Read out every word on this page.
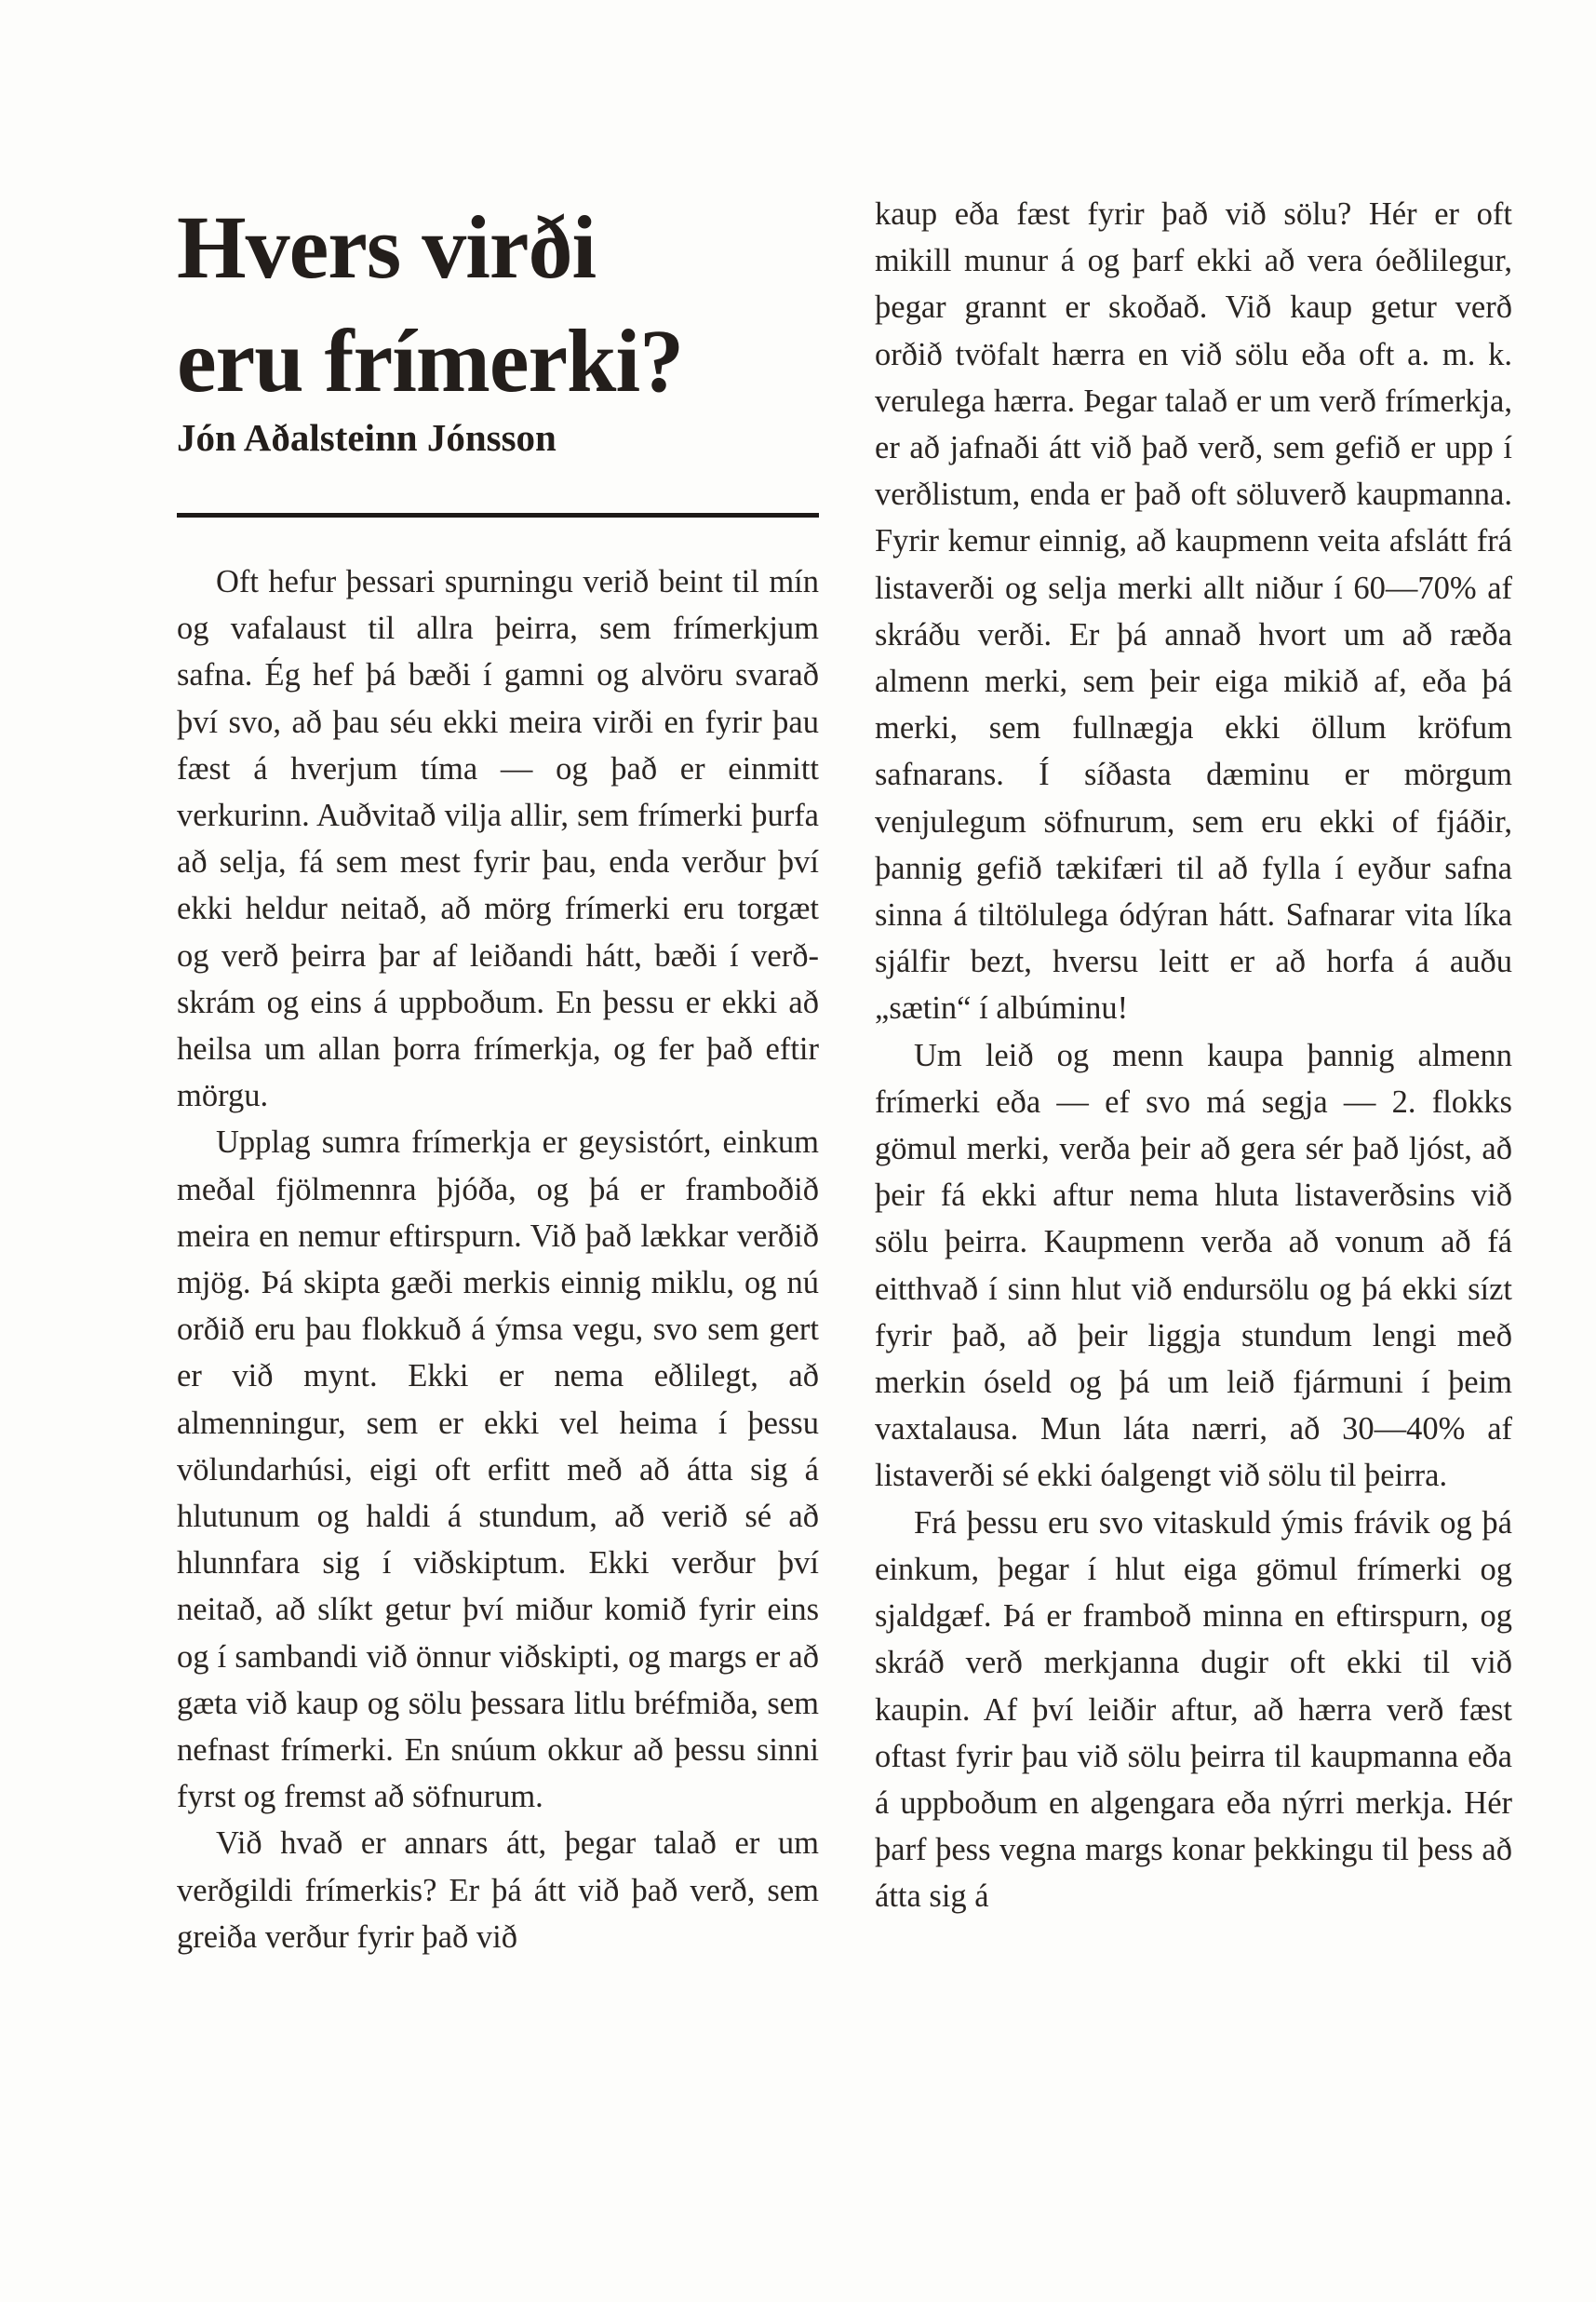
Hvers virði
eru frímerki?
Jón Aðalsteinn Jónsson

Oft hefur þessari spurningu verið beint til mín og vafalaust til allra þeirra, sem frímerkjum safna. Ég hef þá bæði í gamni og alvöru svarað því svo, að þau séu ekki meira virði en fyrir þau fæst á hverjum tíma — og það er einmitt verkurinn. Auðvitað vilja allir, sem frímerki þurfa að selja, fá sem mest fyrir þau, enda verður því ekki heldur neitað, að mörg frímerki eru torgæt og verð þeirra þar af leiðandi hátt, bæði í verðskrám og eins á uppboðum. En þessu er ekki að heilsa um allan þorra frímerkja, og fer það eftir mörgu.

Upplag sumra frímerkja er geysistórt, einkum meðal fjölmennra þjóða, og þá er framboðið meira en nemur eftirspurn. Við það lækkar verðið mjög. Þá skipta gæði merkis einnig miklu, og nú orðið eru þau flokkuð á ýmsa vegu, svo sem gert er við mynt. Ekki er nema eðlilegt, að almenningur, sem er ekki vel heima í þessu völundarhúsi, eigi oft erfitt með að átta sig á hlutunum og haldi á stundum, að verið sé að hlunnfara sig í viðskiptum. Ekki verður því neitað, að slíkt getur því miður komið fyrir eins og í sambandi við önnur viðskipti, og margs er að gæta við kaup og sölu þessara litlu bréfmiða, sem nefnast frímerki. En snúum okkur að þessu sinni fyrst og fremst að söfnurum.

Við hvað er annars átt, þegar talað er um verðgildi frímerkis? Er þá átt við það verð, sem greiða verður fyrir það við

kaup eða fæst fyrir það við sölu? Hér er oft mikill munur á og þarf ekki að vera óeðlilegur, þegar grannt er skoðað. Við kaup getur verð orðið tvöfalt hærra en við sölu eða oft a. m. k. verulega hærra. Þegar talað er um verð frímerkja, er að jafnaði átt við það verð, sem gefið er upp í verðlistum, enda er það oft söluverð kaupmanna. Fyrir kemur einnig, að kaupmenn veita afslátt frá listaverði og selja merki allt niður í 60—70% af skráðu verði. Er þá annað hvort um að ræða almenn merki, sem þeir eiga mikið af, eða þá merki, sem fullnægja ekki öllum kröfum safnarans. Í síðasta dæminu er mörgum venjulegum söfnurum, sem eru ekki of fjáðir, þannig gefið tækifæri til að fylla í eyður safna sinna á tiltölulega ódýran hátt. Safnarar vita líka sjálfir bezt, hversu leitt er að horfa á auðu „sætin“ í albúminu!

Um leið og menn kaupa þannig almenn frímerki eða — ef svo má segja — 2. flokks gömul merki, verða þeir að gera sér það ljóst, að þeir fá ekki aftur nema hluta listaverðsins við sölu þeirra. Kaupmenn verða að vonum að fá eitthvað í sinn hlut við endursölu og þá ekki sízt fyrir það, að þeir liggja stundum lengi með merkin óseld og þá um leið fjármuni í þeim vaxtalausa. Mun láta nærri, að 30—40% af listaverði sé ekki óalgengt við sölu til þeirra.

Frá þessu eru svo vitaskuld ýmis frávik og þá einkum, þegar í hlut eiga gömul frímerki og sjaldgæf. Þá er framboð minna en eftirspurn, og skráð verð merkjanna dugir oft ekki til við kaupin. Af því leiðir aftur, að hærra verð fæst oftast fyrir þau við sölu þeirra til kaupmanna eða á uppboðum en algengara eða nýrri merkja. Hér þarf þess vegna margs konar þekkingu til þess að átta sig á
